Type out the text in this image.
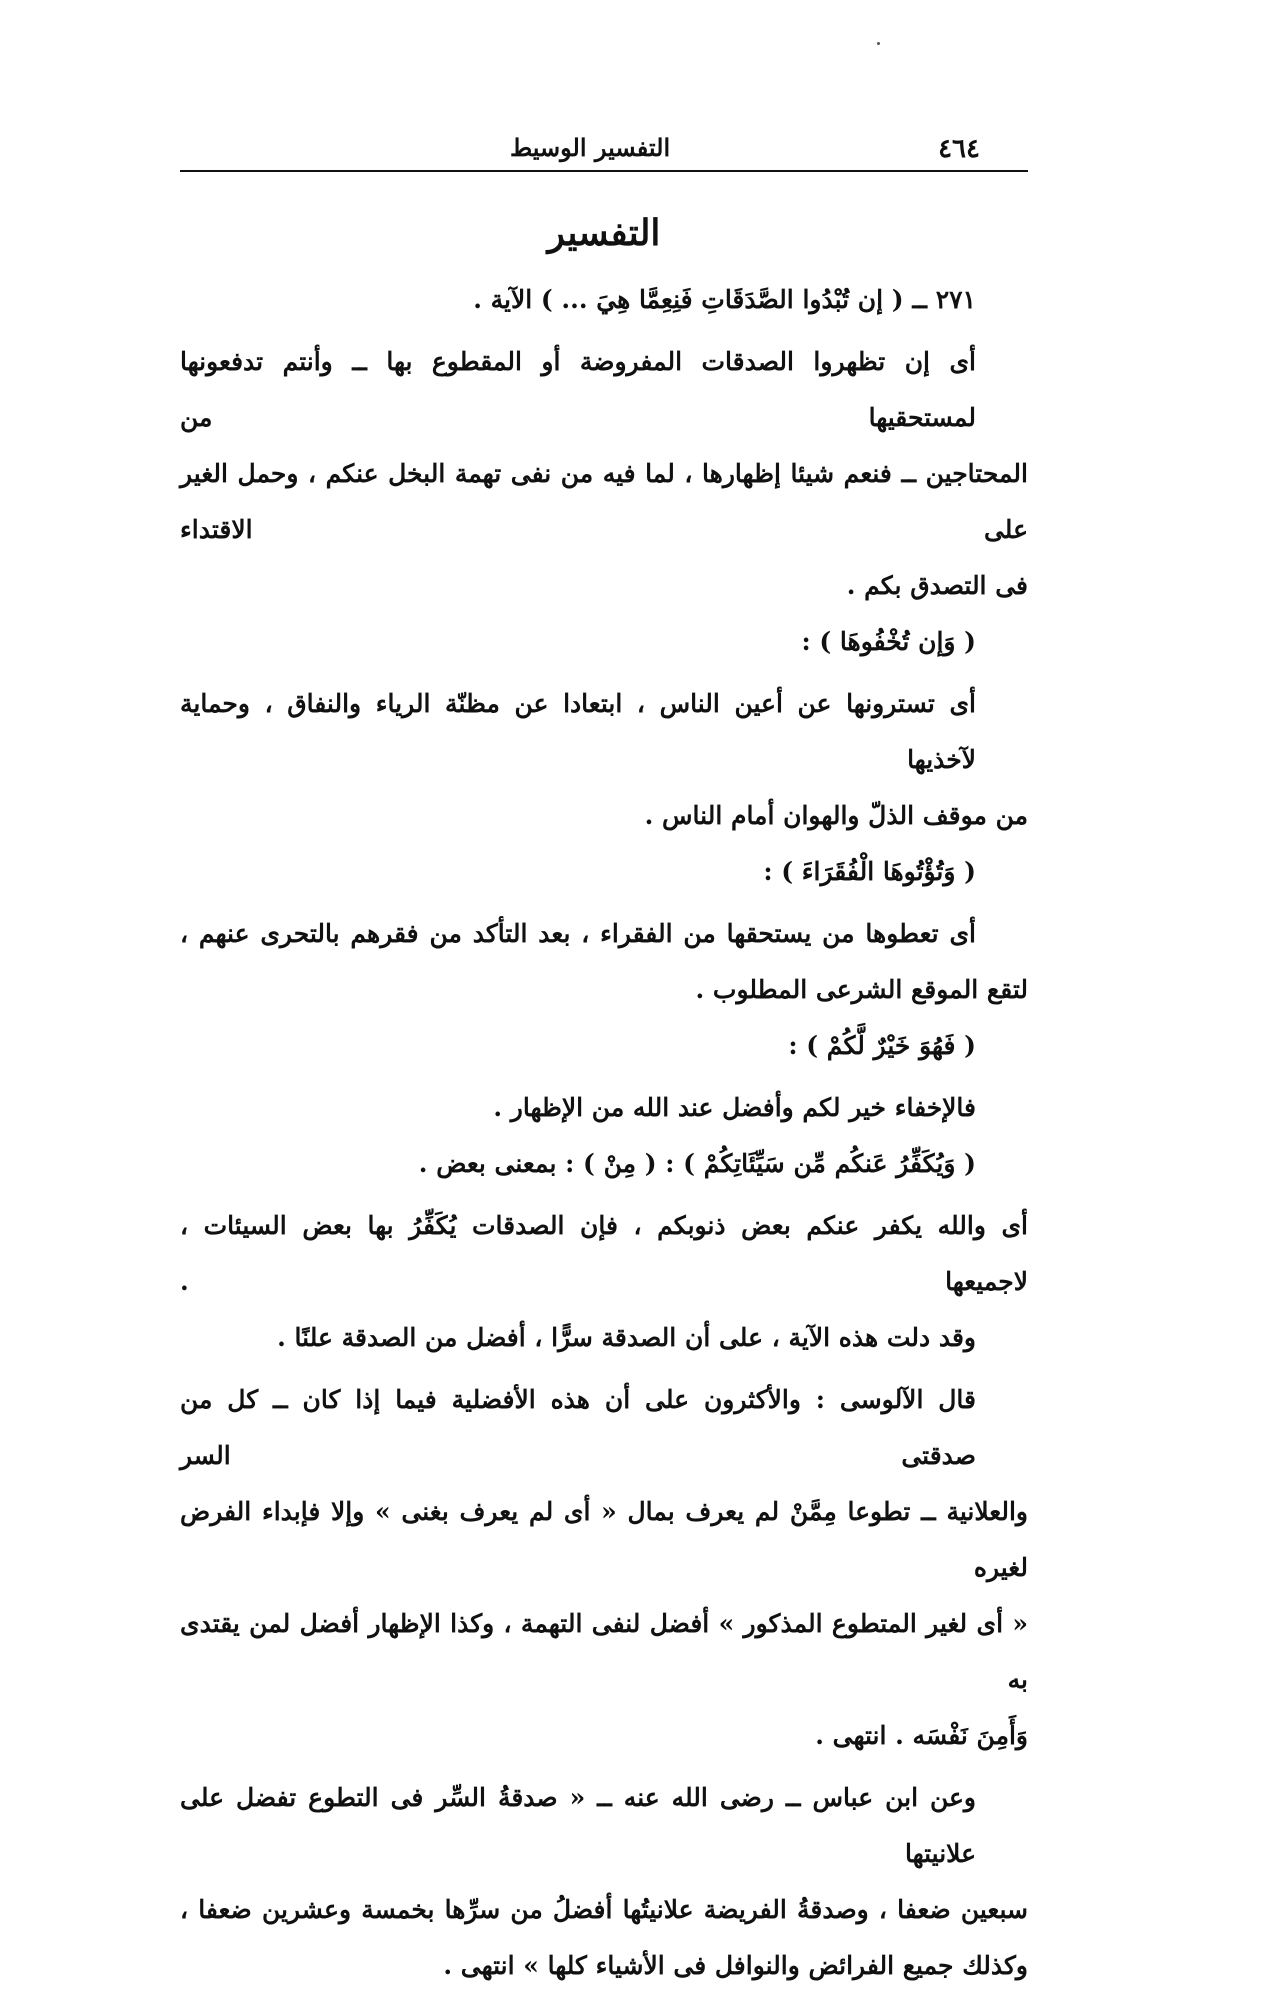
٤٦٤
التفسير الوسيط
التفسير
٢٧١ ــ ( إن تُبْدُوا الصَّدَقَاتِ فَنِعِمَّا هِيَ ... ) الآية .
أى إن تظهروا الصدقات المفروضة أو المقطوع بها ــ وأنتم تدفعونها لمستحقيها من
المحتاجين ــ فنعم شيئا إظهارها ، لما فيه من نفى تهمة البخل عنكم ، وحمل الغير على الاقتداء
فى التصدق بكم .
( وَإن تُخْفُوهَا ) :
أى تسترونها عن أعين الناس ، ابتعادا عن مظنّة الرياء والنفاق ، وحماية لآخذيها
من موقف الذلّ والهوان أمام الناس .
( وَتُؤْتُوهَا الْفُقَرَاءَ ) :
أى تعطوها من يستحقها من الفقراء ، بعد التأكد من فقرهم بالتحرى عنهم ،
لتقع الموقع الشرعى المطلوب .
( فَهُوَ خَيْرٌ لَّكُمْ ) :
فالإخفاء خير لكم وأفضل عند الله من الإظهار .
( وَيُكَفِّرُ عَنكُم مِّن سَيِّئَاتِكُمْ ) : ( مِنْ ) : بمعنى بعض .
أى والله يكفر عنكم بعض ذنوبكم ، فإن الصدقات يُكَفِّرُ بها بعض السيئات ، لاجميعها .
وقد دلت هذه الآية ، على أن الصدقة سرًّا ، أفضل من الصدقة علنًا .
قال الآلوسى : والأكثرون على أن هذه الأفضلية فيما إذا كان ــ كل من صدقتى السر
والعلانية ــ تطوعا مِمَّنْ لم يعرف بمال « أى لم يعرف بغنى » وإلا فإبداء الفرض لغيره
« أى لغير المتطوع المذكور » أفضل لنفى التهمة ، وكذا الإظهار أفضل لمن يقتدى به
وَأَمِنَ نَفْسَه . انتهى .
وعن ابن عباس ــ رضى الله عنه ــ « صدقةُ السِّر فى التطوع تفضل على علانيتها
سبعين ضعفا ، وصدقةُ الفريضة علانيتُها أفضلُ من سرِّها بخمسة وعشرين ضعفا ،
وكذلك جميع الفرائض والنوافل فى الأشياء كلها » انتهى .
